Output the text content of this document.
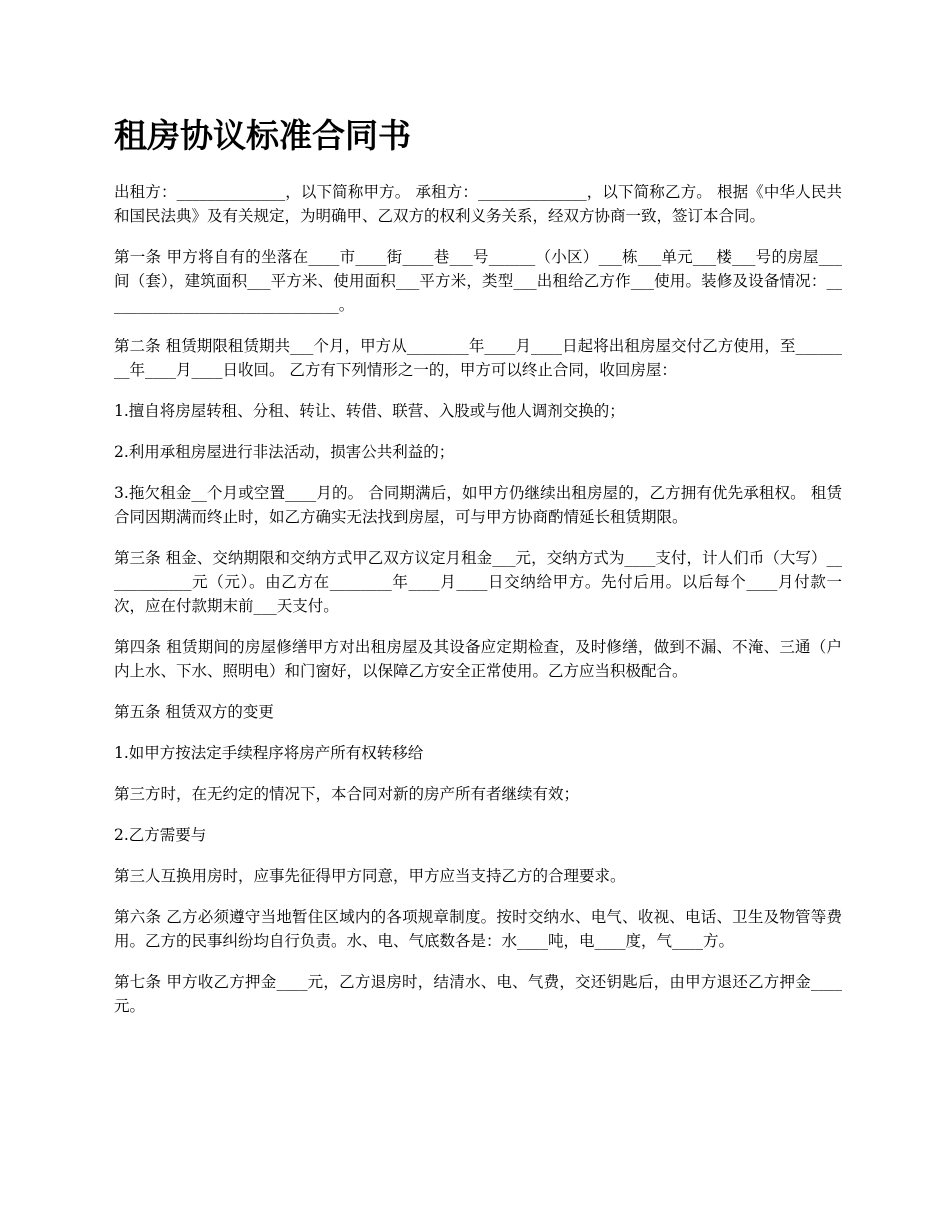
租房协议标准合同书

出租方：______________，以下简称甲方。 承租方：______________，以下简称乙方。 根据《中华人民共和国民法典》及有关规定，为明确甲、乙双方的权利义务关系，经双方协商一致，签订本合同。

第一条 甲方将自有的坐落在____市____街____巷___号______（小区）___栋___单元___楼___号的房屋___间（套），建筑面积___平方米、使用面积___平方米，类型___出租给乙方作___使用。装修及设备情况：_______________________________。

第二条 租赁期限租赁期共___个月，甲方从________年____月____日起将出租房屋交付乙方使用，至________年____月____日收回。 乙方有下列情形之一的，甲方可以终止合同，收回房屋：

1.擅自将房屋转租、分租、转让、转借、联营、入股或与他人调剂交换的；

2.利用承租房屋进行非法活动，损害公共利益的；

3.拖欠租金__个月或空置____月的。 合同期满后，如甲方仍继续出租房屋的，乙方拥有优先承租权。 租赁合同因期满而终止时，如乙方确实无法找到房屋，可与甲方协商酌情延长租赁期限。

第三条 租金、交纳期限和交纳方式甲乙双方议定月租金___元，交纳方式为____支付，计人们币（大写）____________元（元）。由乙方在________年____月____日交纳给甲方。先付后用。以后每个____月付款一次，应在付款期末前___天支付。

第四条 租赁期间的房屋修缮甲方对出租房屋及其设备应定期检查，及时修缮，做到不漏、不淹、三通（户内上水、下水、照明电）和门窗好，以保障乙方安全正常使用。乙方应当积极配合。

第五条 租赁双方的变更

1.如甲方按法定手续程序将房产所有权转移给

第三方时，在无约定的情况下，本合同对新的房产所有者继续有效；

2.乙方需要与

第三人互换用房时，应事先征得甲方同意，甲方应当支持乙方的合理要求。

第六条 乙方必须遵守当地暂住区域内的各项规章制度。按时交纳水、电气、收视、电话、卫生及物管等费用。乙方的民事纠纷均自行负责。水、电、气底数各是：水____吨，电____度，气____方。

第七条 甲方收乙方押金____元，乙方退房时，结清水、电、气费，交还钥匙后，由甲方退还乙方押金____元。
